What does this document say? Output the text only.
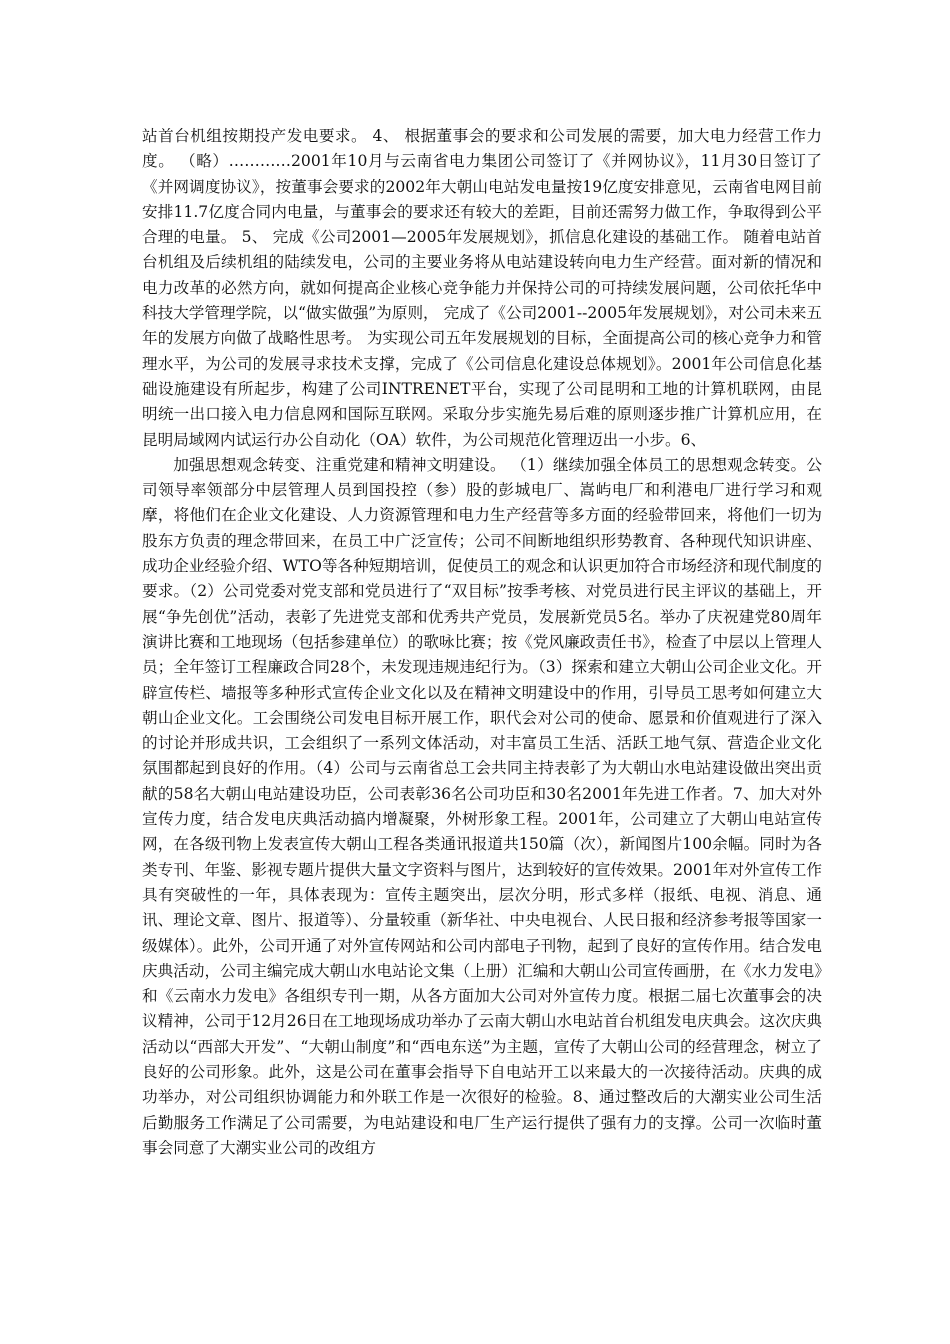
站首台机组按期投产发电要求。 4、 根据董事会的要求和公司发展的需要，加大电力经营工作力度。 （略）…………2001年10月与云南省电力集团公司签订了《并网协议》，11月30日签订了《并网调度协议》，按董事会要求的2002年大朝山电站发电量按19亿度安排意见，云南省电网目前安排11.7亿度合同内电量，与董事会的要求还有较大的差距，目前还需努力做工作，争取得到公平合理的电量。 5、 完成《公司2001—2005年发展规划》，抓信息化建设的基础工作。 随着电站首台机组及后续机组的陆续发电，公司的主要业务将从电站建设转向电力生产经营。面对新的情况和电力改革的必然方向，就如何提高企业核心竞争能力并保持公司的可持续发展问题，公司依托华中科技大学管理学院，以“做实做强”为原则， 完成了《公司2001--2005年发展规划》，对公司未来五年的发展方向做了战略性思考。 为实现公司五年发展规划的目标，全面提高公司的核心竞争力和管理水平，为公司的发展寻求技术支撑，完成了《公司信息化建设总体规划》。2001年公司信息化基础设施建设有所起步，构建了公司INTRENET平台，实现了公司昆明和工地的计算机联网，由昆明统一出口接入电力信息网和国际互联网。采取分步实施先易后难的原则逐步推广计算机应用，在昆明局域网内试运行办公自动化（OA）软件，为公司规范化管理迈出一小步。6、

加强思想观念转变、注重党建和精神文明建设。 （1）继续加强全体员工的思想观念转变。公司领导率领部分中层管理人员到国投控（参）股的彭城电厂、嵩屿电厂和利港电厂进行学习和观摩，将他们在企业文化建设、人力资源管理和电力生产经营等多方面的经验带回来，将他们一切为股东方负责的理念带回来，在员工中广泛宣传；公司不间断地组织形势教育、各种现代知识讲座、成功企业经验介绍、WTO等各种短期培训，促使员工的观念和认识更加符合市场经济和现代制度的要求。（2）公司党委对党支部和党员进行了“双目标”按季考核、对党员进行民主评议的基础上，开展“争先创优”活动，表彰了先进党支部和优秀共产党员，发展新党员5名。举办了庆祝建党80周年演讲比赛和工地现场（包括参建单位）的歌咏比赛；按《党风廉政责任书》，检查了中层以上管理人员；全年签订工程廉政合同28个，未发现违规违纪行为。（3）探索和建立大朝山公司企业文化。开辟宣传栏、墙报等多种形式宣传企业文化以及在精神文明建设中的作用，引导员工思考如何建立大朝山企业文化。工会围绕公司发电目标开展工作，职代会对公司的使命、愿景和价值观进行了深入的讨论并形成共识，工会组织了一系列文体活动，对丰富员工生活、活跃工地气氛、营造企业文化氛围都起到良好的作用。（4）公司与云南省总工会共同主持表彰了为大朝山水电站建设做出突出贡献的58名大朝山电站建设功臣，公司表彰36名公司功臣和30名2001年先进工作者。7、加大对外宣传力度，结合发电庆典活动搞内增凝聚，外树形象工程。2001年，公司建立了大朝山电站宣传网，在各级刊物上发表宣传大朝山工程各类通讯报道共150篇（次），新闻图片100余幅。同时为各类专刊、年鉴、影视专题片提供大量文字资料与图片，达到较好的宣传效果。2001年对外宣传工作具有突破性的一年，具体表现为：宣传主题突出，层次分明，形式多样（报纸、电视、消息、通讯、理论文章、图片、报道等）、分量较重（新华社、中央电视台、人民日报和经济参考报等国家一级媒体）。此外，公司开通了对外宣传网站和公司内部电子刊物，起到了良好的宣传作用。结合发电庆典活动，公司主编完成大朝山水电站论文集（上册）汇编和大朝山公司宣传画册，在《水力发电》和《云南水力发电》各组织专刊一期，从各方面加大公司对外宣传力度。根据二届七次董事会的决议精神，公司于12月26日在工地现场成功举办了云南大朝山水电站首台机组发电庆典会。这次庆典活动以“西部大开发”、“大朝山制度”和“西电东送”为主题，宣传了大朝山公司的经营理念，树立了良好的公司形象。此外，这是公司在董事会指导下自电站开工以来最大的一次接待活动。庆典的成功举办，对公司组织协调能力和外联工作是一次很好的检验。8、通过整改后的大潮实业公司生活后勤服务工作满足了公司需要，为电站建设和电厂生产运行提供了强有力的支撑。公司一次临时董事会同意了大潮实业公司的改组方
